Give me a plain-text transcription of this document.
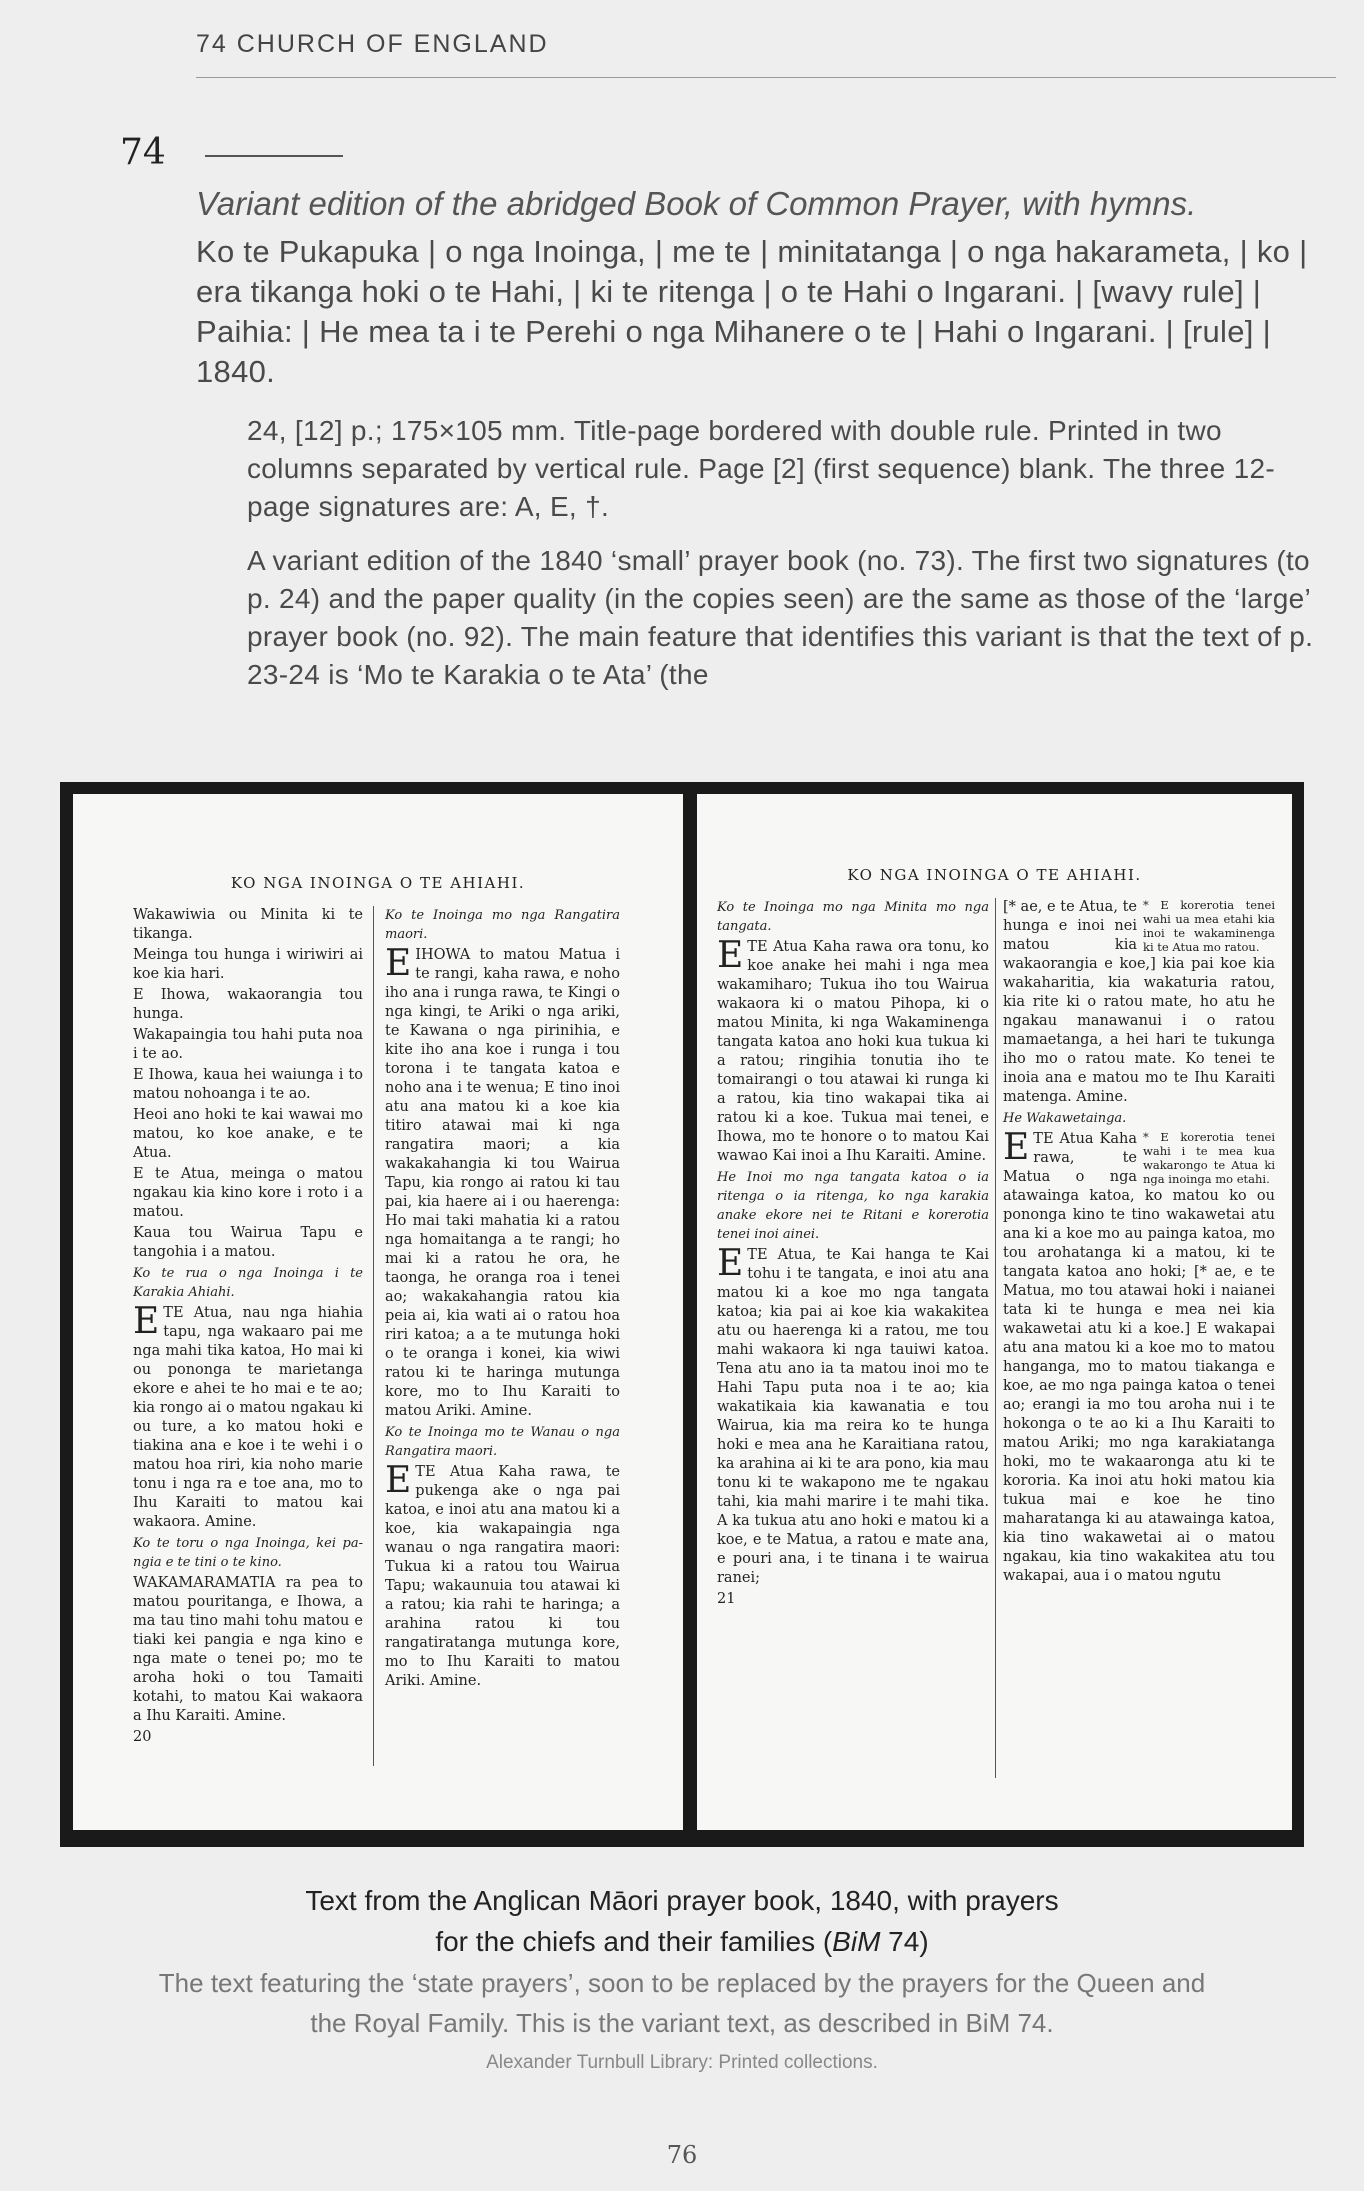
74 CHURCH OF ENGLAND
74
Variant edition of the abridged Book of Common Prayer, with hymns.
Ko te Pukapuka | o nga Inoinga, | me te | minitatanga | o nga hakarameta, | ko | era tikanga hoki o te Hahi, | ki te ritenga | o te Hahi o Ingarani. | [wavy rule] | Paihia: | He mea ta i te Perehi o nga Mihanere o te | Hahi o Ingarani. | [rule] | 1840.
24, [12] p.; 175×105 mm. Title-page bordered with double rule. Printed in two columns separated by vertical rule. Page [2] (first sequence) blank. The three 12-page signatures are: A, E, †.
A variant edition of the 1840 ‘small’ prayer book (no. 73). The first two signatures (to p. 24) and the paper quality (in the copies seen) are the same as those of the ‘large’ prayer book (no. 92). The main feature that identifies this variant is that the text of p. 23-24 is ‘Mo te Karakia o te Ata’ (the
KO NGA INOINGA O TE AHIAHI.

Wakawiwia ou Minita ki te tikanga.

Meinga tou hunga i wiriwiri ai koe kia hari.

E Ihowa, wakaorangia tou hunga.

Wakapaingia tou hahi puta noa i te ao.

E Ihowa, kaua hei waiunga i to matou nohoanga i te ao.

Heoi ano hoki te kai wawai mo matou, ko koe anake, e te Atua.

E te Atua, meinga o matou ngakau kia kino kore i roto i a matou.

Kaua tou Wairua Tapu e tangohia i a matou.

Ko te rua o nga Inoinga i te Karakia Ahiahi.

ETE Atua, nau nga hiahia tapu, nga wakaaro pai me nga mahi tika katoa, Ho mai ki ou pononga te marietanga ekore e ahei te ho mai e te ao; kia rongo ai o matou ngakau ki ou ture, a ko matou hoki e tiakina ana e koe i te wehi i o matou hoa riri, kia noho marie tonu i nga ra e toe ana, mo to Ihu Karaiti to matou kai wakaora. Amine.

Ko te toru o nga Inoinga, kei pa-ngia e te tini o te kino.

WAKAMARAMATIA ra pea to matou pouritanga, e Ihowa, a ma tau tino mahi tohu matou e tiaki kei pangia e nga kino e nga mate o tenei po; mo te aroha hoki o tou Tamaiti kotahi, to matou Kai wakaora a Ihu Karaiti. Amine.

20

Ko te Inoinga mo nga Rangatira maori.

EIHOWA to matou Matua i te rangi, kaha rawa, e noho iho ana i runga rawa, te Kingi o nga kingi, te Ariki o nga ariki, te Kawana o nga pirinihia, e kite iho ana koe i runga i tou torona i te tangata katoa e noho ana i te wenua; E tino inoi atu ana matou ki a koe kia titiro atawai mai ki nga rangatira maori; a kia wakakahangia ki tou Wairua Tapu, kia rongo ai ratou ki tau pai, kia haere ai i ou haerenga: Ho mai taki mahatia ki a ratou nga homaitanga a te rangi; ho mai ki a ratou he ora, he taonga, he oranga roa i tenei ao; wakakahangia ratou kia peia ai, kia wati ai o ratou hoa riri katoa; a a te mutunga hoki o te oranga i konei, kia wiwi ratou ki te haringa mutunga kore, mo to Ihu Karaiti to matou Ariki. Amine.

Ko te Inoinga mo te Wanau o nga Rangatira maori.

ETE Atua Kaha rawa, te pukenga ake o nga pai katoa, e inoi atu ana matou ki a koe, kia wakapaingia nga wanau o nga rangatira maori: Tukua ki a ratou tou Wairua Tapu; wakaunuia tou atawai ki a ratou; kia rahi te haringa; a arahina ratou ki tou rangatiratanga mutunga kore, mo to Ihu Karaiti to matou Ariki. Amine.

KO NGA INOINGA O TE AHIAHI.

Ko te Inoinga mo nga Minita mo nga tangata.

ETE Atua Kaha rawa ora tonu, ko koe anake hei mahi i nga mea wakamiharo; Tukua iho tou Wairua wakaora ki o matou Pihopa, ki o matou Minita, ki nga Wakaminenga tangata katoa ano hoki kua tukua ki a ratou; ringihia tonutia iho te tomairangi o tou atawai ki runga ki a ratou, kia tino wakapai tika ai ratou ki a koe. Tukua mai tenei, e Ihowa, mo te honore o to matou Kai wawao Kai inoi a Ihu Karaiti. Amine.

He Inoi mo nga tangata katoa o ia ritenga o ia ritenga, ko nga karakia anake ekore nei te Ritani e korerotia tenei inoi ainei.

ETE Atua, te Kai hanga te Kai tohu i te tangata, e inoi atu ana matou ki a koe mo nga tangata katoa; kia pai ai koe kia wakakitea atu ou haerenga ki a ratou, me tou mahi wakaora ki nga tauiwi katoa. Tena atu ano ia ta matou inoi mo te Hahi Tapu puta noa i te ao; kia wakatikaia kia kawanatia e tou Wairua, kia ma reira ko te hunga hoki e mea ana he Karaitiana ratou, ka arahina ai ki te ara pono, kia mau tonu ki te wakapono me te ngakau tahi, kia mahi marire i te mahi tika. A ka tukua atu ano hoki e matou ki a koe, e te Matua, a ratou e mate ana, e pouri ana, i te tinana i te wairua ranei;

21

* E korerotia tenei wahi ua mea etahi kia inoi te wakaminenga ki te Atua mo ratou.
[* ae, e te Atua, te hunga e inoi nei matou kia wakaorangia e koe,] kia pai koe kia wakaharitia, kia wakaturia ratou, kia rite ki o ratou mate, ho atu he ngakau manawanui i o ratou mamaetanga, a hei hari te tukunga iho mo o ratou mate. Ko tenei te inoia ana e matou mo te Ihu Karaiti matenga. Amine.

He Wakawetainga.

E	* E korerotia tenei wahi i te mea kua wakarongo te Atua ki nga inoinga mo etahi.
TE Atua Kaha rawa, te Matua o nga atawainga katoa, ko matou ko ou pononga kino te tino wakawetai atu ana ki a koe mo au painga katoa, mo tou arohatanga ki a matou, ki te tangata katoa ano hoki; [* ae, e te Matua, mo tou atawai hoki i naianei tata ki te hunga e mea nei kia wakawetai atu ki a koe.] E wakapai atu ana matou ki a koe mo to matou hanganga, mo to matou tiakanga e koe, ae mo nga painga katoa o tenei ao; erangi ia mo tou aroha nui i te hokonga o te ao ki a Ihu Karaiti to matou Ariki; mo nga karakiatanga hoki, mo te wakaaronga atu ki te kororia. Ka inoi atu hoki matou kia tukua mai e koe he tino maharatanga ki au atawainga katoa, kia tino wakawetai ai o matou ngakau, kia tino wakakitea atu tou wakapai, aua i o matou ngutu

Text from the Anglican Māori prayer book, 1840, with prayers
for the chiefs and their families (BiM 74)
The text featuring the ‘state prayers’, soon to be replaced by the prayers for the Queen and the Royal Family. This is the variant text, as described in BiM 74.
Alexander Turnbull Library: Printed collections.
76
